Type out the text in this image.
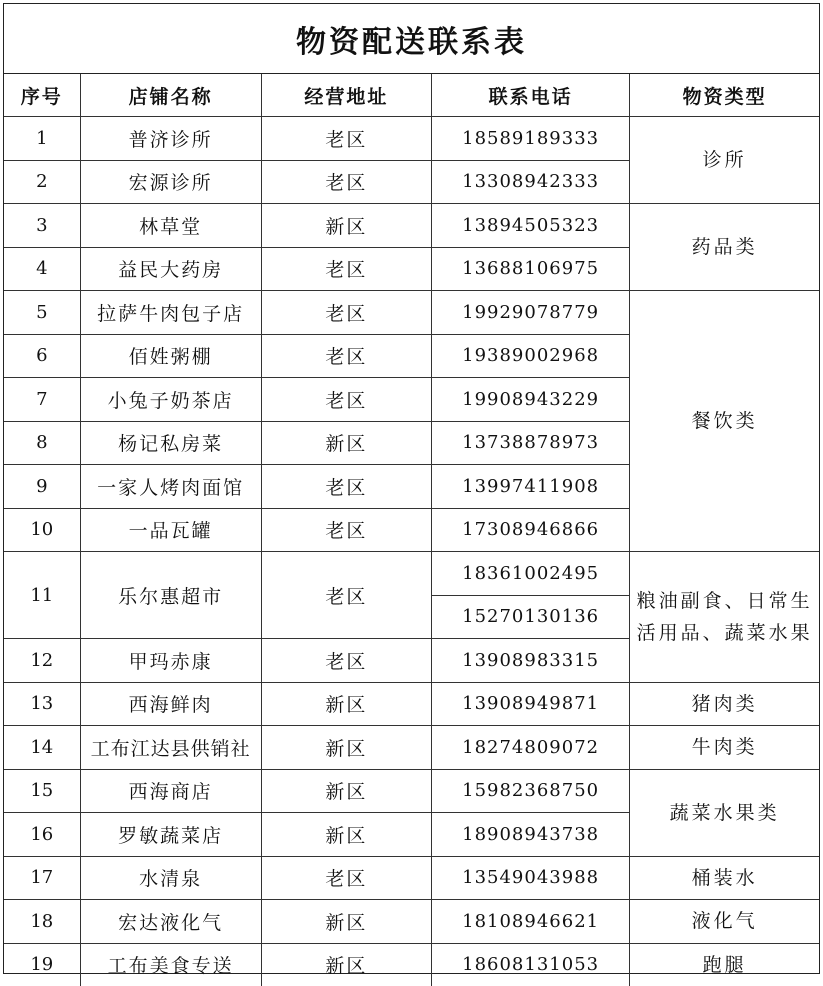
物资配送联系表
序号	店铺名称	经营地址	联系电话	物资类型
1	普济诊所	老区	18589189333	诊所
2	宏源诊所	老区	13308942333	
3	林草堂	新区	13894505323	药品类
4	益民大药房	老区	13688106975	
5	拉萨牛肉包子店	老区	19929078779	餐饮类
6	佰姓粥棚	老区	19389002968	
7	小兔子奶茶店	老区	19908943229	
8	杨记私房菜	新区	13738878973	
9	一家人烤肉面馆	老区	13997411908	
10	一品瓦罐	老区	17308946866	
11	乐尔惠超市	老区	18361002495	粮油副食、日常生活用品、蔬菜水果
			15270130136	
12	甲玛赤康	老区	13908983315	
13	西海鲜肉	新区	13908949871	猪肉类
14	工布江达县供销社	新区	18274809072	牛肉类
15	西海商店	新区	15982368750	蔬菜水果类
16	罗敏蔬菜店	新区	18908943738	
17	水清泉	老区	13549043988	桶装水
18	宏达液化气	新区	18108946621	液化气
19	工布美食专送	新区	18608131053	跑腿
